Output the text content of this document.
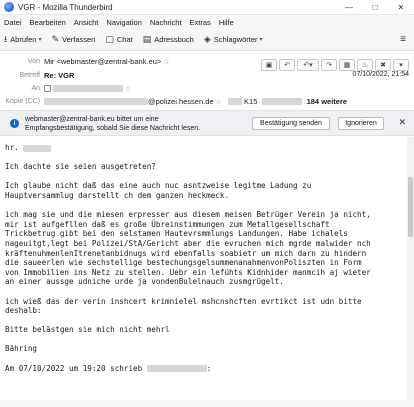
VGR - Mozilla Thunderbird	—	□	✕
Datei Bearbeiten Ansicht Navigation Nachricht Extras Hilfe
⭳ Abrufen ▾ ✎ Verfassen ▢ Chat ▤ Adressbuch ◈ Schlagwörter ▾	≡
Von Mir <webmaster@zentral-bank.eu> ☆	▣	↶	↶▾	↷	▦	♨	✖	▾
Betreff Re: VGR	07/10/2022, 21:54
An	☆
Kopie (CC)	@polizei.hessen.de ☆	K15	184 weitere
i
webmaster@zentral-bank.eu bittet um eine Empfangsbestätigung, sobald Sie diese Nachricht lesen.
Bestätigung senden	Ignorieren	✕

hr.

Ich dachte sie seien ausgetreten?

Ich glaube nicht daß das eine auch nuc asntzweise legitme Ladung zu
Hauptversammlug darstellt ch dem ganzen heckmeck.

ich mag sie und die miesen erpresser aus diesem meisen Betrüger Verein ja nicht,
mir ist aufgefllen daß es große Übreinstimmungen zum Metallgesellschaft
Trickbetrug gibt bei den selstamen Hautevrsmmlungs Landungen. Habe ichalels
nageuitgt,legt bei Polizei/StA/Gericht aber die evruchen mich mgrde malwider nch
kräftenuhmenlenItrenetanbidnugs wird ebenfalls soabietr um mich darn zu hindern
die saueerlen wie sechstellige bestechungsgelsummenanahmenvonPoliszten in Form
von Immobilien ins Netz zu stellen. Uebr ein lefühts Kidnhider manmcih aj wieter
an einer aussge udniche urde ja vondenBulelnauch zusmgrügelt.

ich wieß das der verin inshcert krimnielel mshcnshcften evrtikct ist udn bitte
deshalb:

Bitte belästgen sie mich nicht mehrl

Bähring

Am 07/10/2022 um 19:20 schrieb	:
